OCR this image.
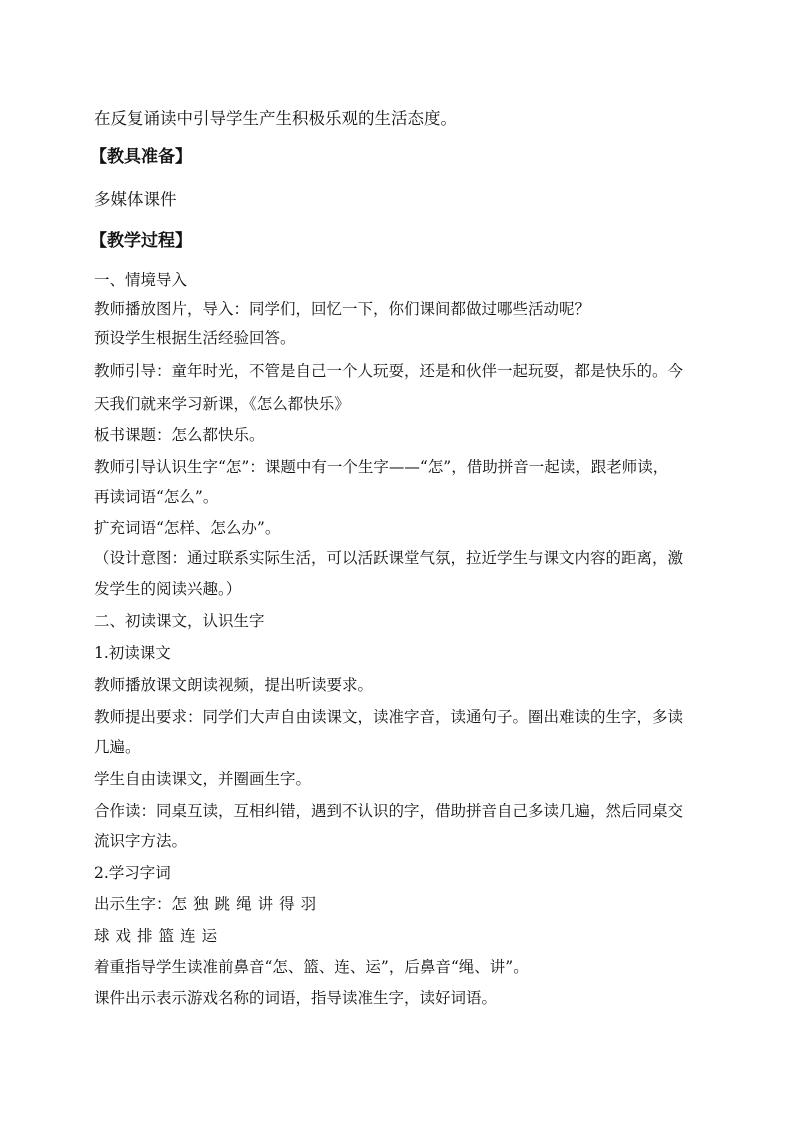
在反复诵读中引导学生产生积极乐观的生活态度。
【教具准备】
多媒体课件
【教学过程】
一、情境导入
教师播放图片，导入：同学们，回忆一下，你们课间都做过哪些活动呢？
预设学生根据生活经验回答。
教师引导：童年时光，不管是自己一个人玩耍，还是和伙伴一起玩耍，都是快乐的。今
天我们就来学习新课，《怎么都快乐》
板书课题：怎么都快乐。
教师引导认识生字“怎”：课题中有一个生字——“怎”，借助拼音一起读，跟老师读，
再读词语“怎么”。
扩充词语“怎样、怎么办”。
（设计意图：通过联系实际生活，可以活跃课堂气氛，拉近学生与课文内容的距离，激
发学生的阅读兴趣。）
二、初读课文，认识生字
1.初读课文
教师播放课文朗读视频，提出听读要求。
教师提出要求：同学们大声自由读课文，读准字音，读通句子。圈出难读的生字，多读
几遍。
学生自由读课文，并圈画生字。
合作读：同桌互读，互相纠错，遇到不认识的字，借助拼音自己多读几遍，然后同桌交
流识字方法。
2.学习字词
出示生字：怎 独 跳 绳 讲 得 羽
球 戏 排 篮 连 运
着重指导学生读准前鼻音“怎、篮、连、运”，后鼻音“绳、讲”。
课件出示表示游戏名称的词语，指导读准生字，读好词语。
